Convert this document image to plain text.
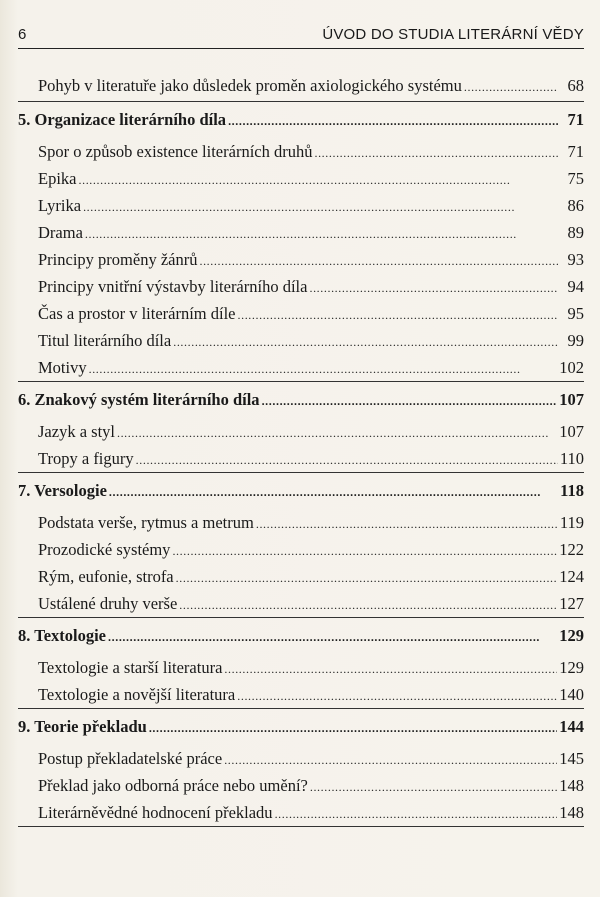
6	ÚVOD DO STUDIA LITERÁRNÍ VĚDY
Pohyb v literatuře jako důsledek proměn axiologického systému . . .	68
5. Organizace literárního díla . . .	71
Spor o způsob existence literárních druhů . . .	71
Epika . . .	75
Lyrika . . .	86
Drama . . .	89
Principy proměny žánrů . . .	93
Principy vnitřní výstavby literárního díla . . .	94
Čas a prostor v literárním díle . . .	95
Titul literárního díla . . .	99
Motivy . . .	102
6. Znakový systém literárního díla . . .	107
Jazyk a styl . . .	107
Tropy a figury . . .	110
7. Versologie . . .	118
Podstata verše, rytmus a metrum . . .	119
Prozodické systémy . . .	122
Rým, eufonie, strofa . . .	124
Ustálené druhy verše . . .	127
8. Textologie . . .	129
Textologie a starší literatura . . .	129
Textologie a novější literatura . . .	140
9. Teorie překladu . . .	144
Postup překladatelské práce . . .	145
Překlad jako odborná práce nebo umění? . . .	148
Literárněvědné hodnocení překladu . . .	148
